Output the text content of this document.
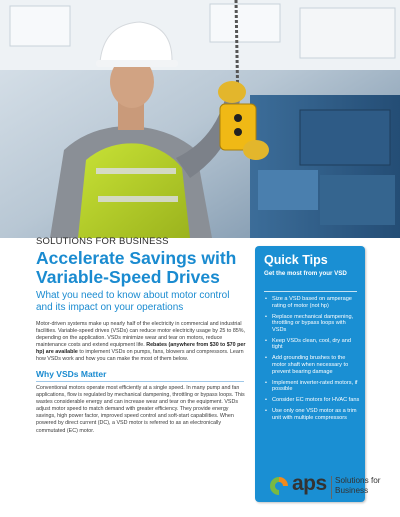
SOLUTIONS FOR BUSINESS
Accelerate Savings with Variable-Speed Drives
What you need to know about motor control and its impact on your operations

Motor-driven systems make up nearly half of the electricity in commercial and industrial facilities. Variable-speed drives (VSDs) can reduce motor electricity usage by 25 to 85%, depending on the application. VSDs minimize wear and tear on motors, reduce maintenance costs and extend equipment life. Rebates (anywhere from $30 to $70 per hp) are available to implement VSDs on pumps, fans, blowers and compressors. Learn how VSDs work and how you can make the most of them below.

Why VSDs Matter

Conventional motors operate most efficiently at a single speed. In many pump and fan applications, flow is regulated by mechanical dampening, throttling or bypass loops. This wastes considerable energy and can increase wear and tear on the equipment. VSDs adjust motor speed to match demand with greater efficiency. They provide energy savings, high power factor, improved speed control and soft-start capabilities. When powered by direct current (DC), a VSD motor is referred to as an electronically commutated (EC) motor.

Quick Tips
Get the most from your VSD
• Size a VSD based on amperage rating of motor (not hp)
• Replace mechanical dampening, throttling or bypass loops with VSDs
• Keep VSDs clean, cool, dry and tight
• Add grounding brushes to the motor shaft when necessary to prevent bearing damage
• Implement inverter-rated motors, if possible
• Consider EC motors for HVAC fans
• Use only one VSD motor as a trim unit with multiple compressors
aps Solutions for Business
